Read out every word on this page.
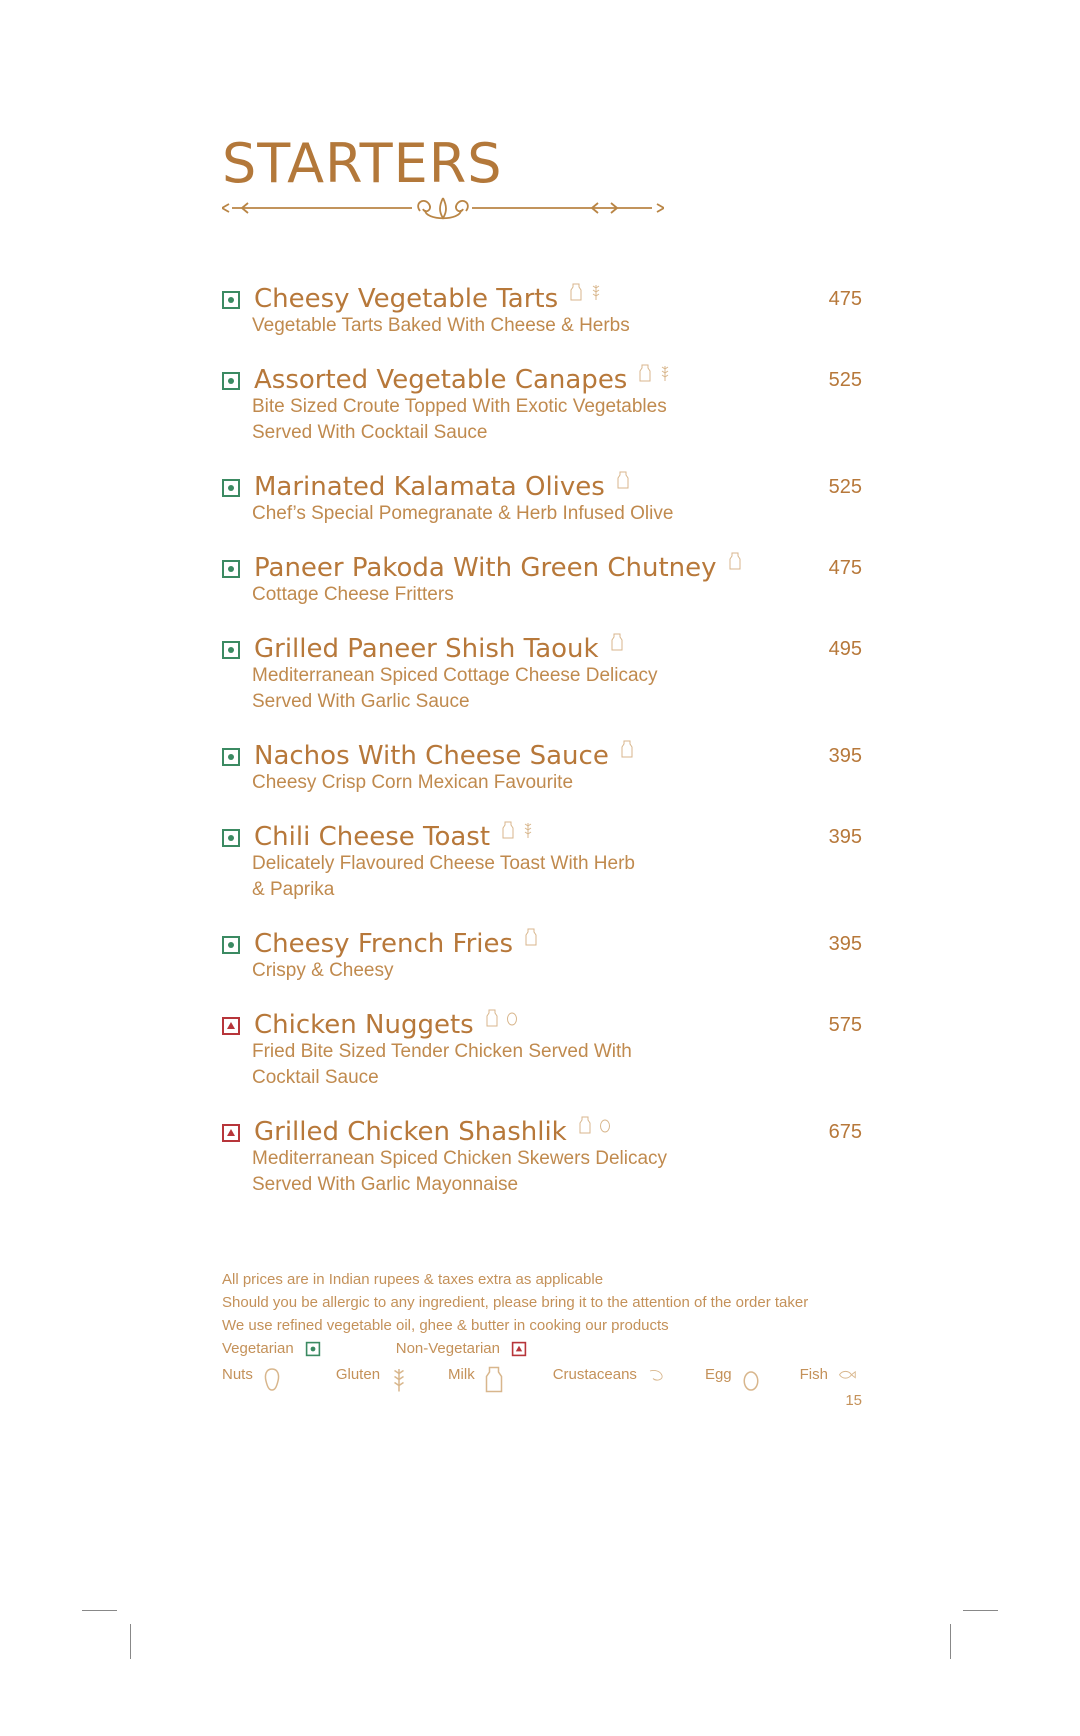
STARTERS
Cheesy Vegetable Tarts
Vegetable Tarts Baked With Cheese & Herbs
475
Assorted Vegetable Canapes
Bite Sized Croute Topped With Exotic Vegetables
Served With Cocktail Sauce
525
Marinated Kalamata Olives
Chef’s Special Pomegranate & Herb Infused Olive
525
Paneer Pakoda With Green Chutney
Cottage Cheese Fritters
475
Grilled Paneer Shish Taouk
Mediterranean Spiced Cottage Cheese Delicacy
Served With Garlic Sauce
495
Nachos With Cheese Sauce
Cheesy Crisp Corn Mexican Favourite
395
Chili Cheese Toast
Delicately Flavoured Cheese Toast With Herb
& Paprika
395
Cheesy French Fries
Crispy & Cheesy
395
Chicken Nuggets
Fried Bite Sized Tender Chicken Served With
Cocktail Sauce
575
Grilled Chicken Shashlik
Mediterranean Spiced Chicken Skewers Delicacy
Served With Garlic Mayonnaise
675
All prices are in Indian rupees & taxes extra as applicable
Should you be allergic to any ingredient, please bring it to the attention of the order taker
We use refined vegetable oil, ghee & butter in cooking our products
Vegetarian	Non-Vegetarian
Nuts	Gluten	Milk	Crustaceans	Egg	Fish
15
